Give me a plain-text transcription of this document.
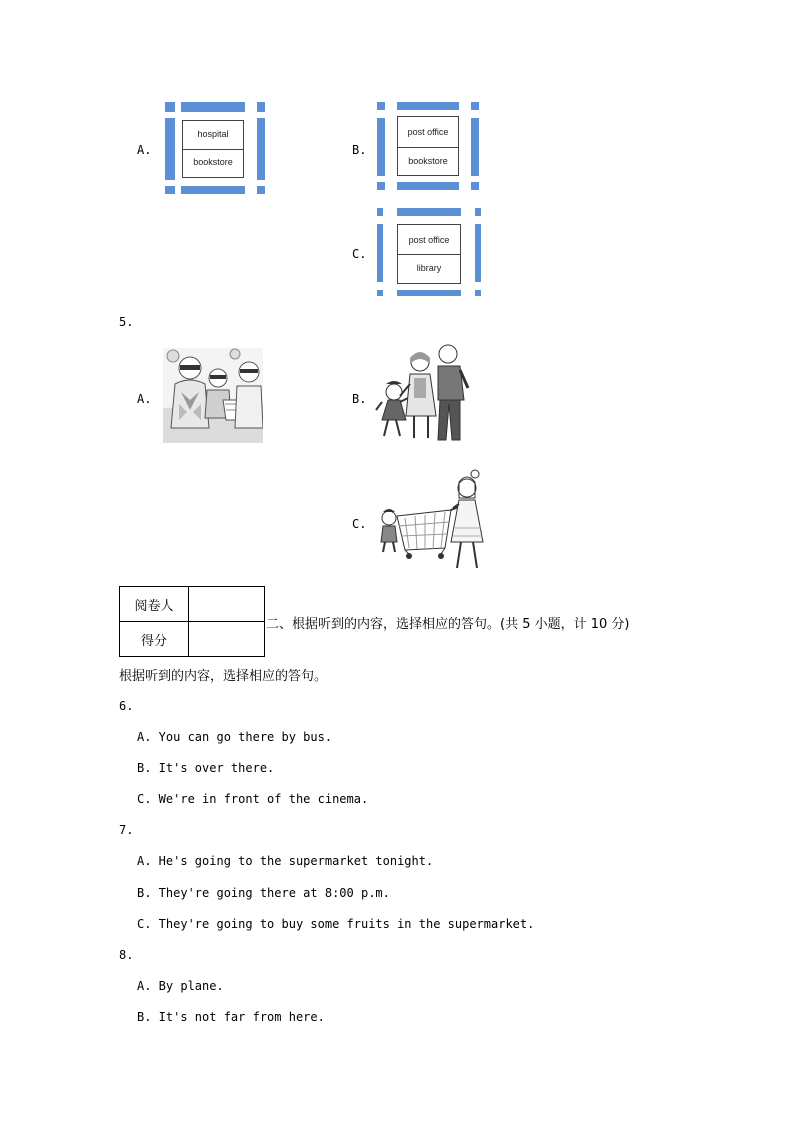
A.
hospital
bookstore
B.
post office
bookstore
C.
post office
library
5.
A.	B.
C.
阅卷人	
得分	
二、根据听到的内容，选择相应的答句。(共 5 小题，计 10 分)
根据听到的内容，选择相应的答句。
6.
A. You can go there by bus.
B. It's over there.
C. We're in front of the cinema.
7.
A. He's going to the supermarket tonight.
B. They're going there at 8:00 p.m.
C. They're going to buy some fruits in the supermarket.
8.
A. By plane.
B. It's not far from here.
